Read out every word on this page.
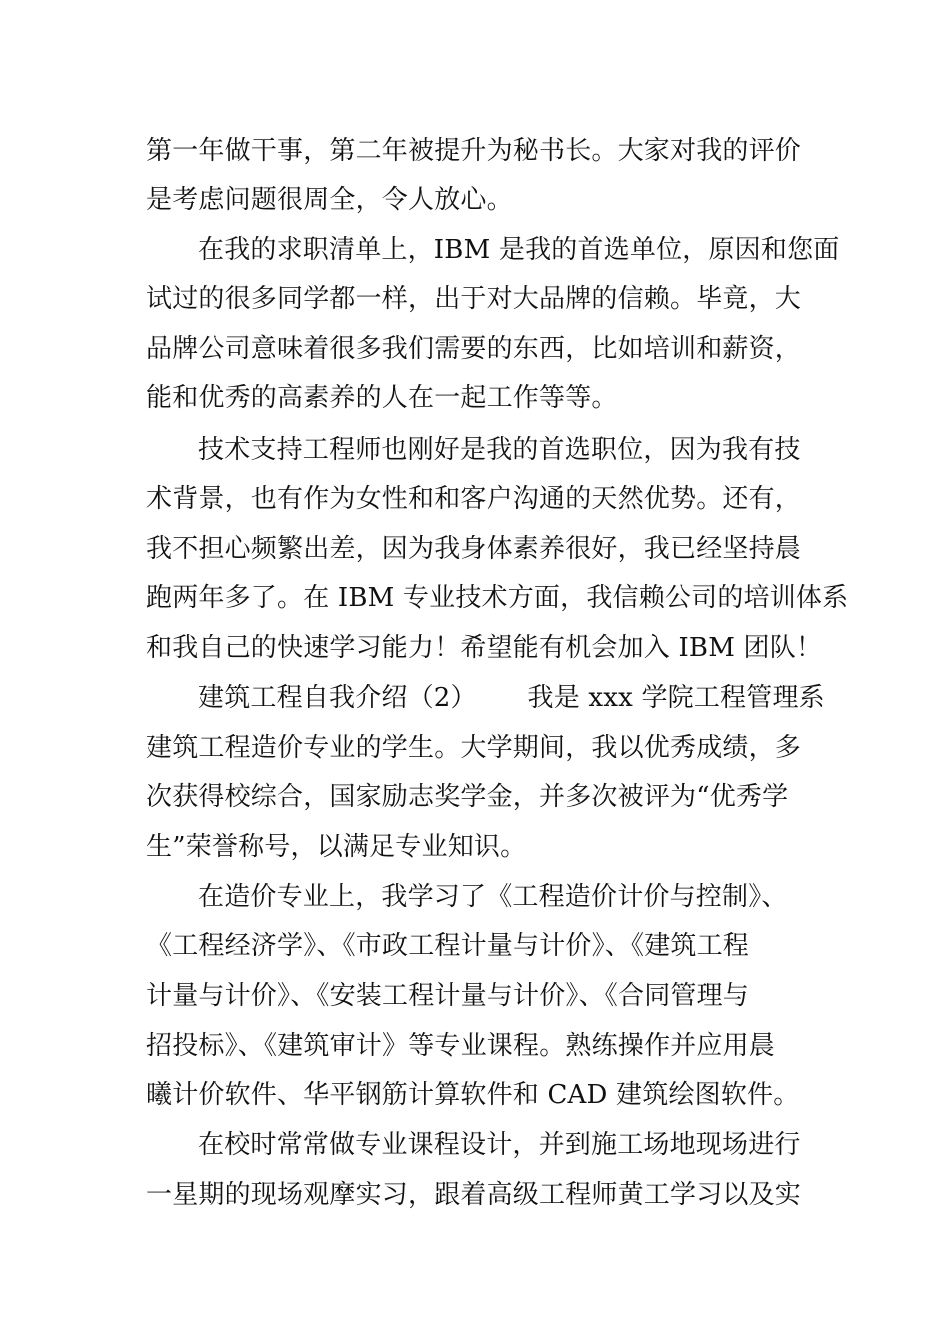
第一年做干事，第二年被提升为秘书长。大家对我的评价
是考虑问题很周全，令人放心。
在我的求职清单上，IBM 是我的首选单位，原因和您面
试过的很多同学都一样，出于对大品牌的信赖。毕竟，大
品牌公司意味着很多我们需要的东西，比如培训和薪资，
能和优秀的高素养的人在一起工作等等。
技术支持工程师也刚好是我的首选职位，因为我有技
术背景，也有作为女性和和客户沟通的天然优势。还有，
我不担心频繁出差，因为我身体素养很好，我已经坚持晨
跑两年多了。在 IBM 专业技术方面，我信赖公司的培训体系
和我自己的快速学习能力！希望能有机会加入 IBM 团队！
建筑工程自我介绍（2）      我是 xxx 学院工程管理系
建筑工程造价专业的学生。大学期间，我以优秀成绩，多
次获得校综合，国家励志奖学金，并多次被评为“优秀学
生”荣誉称号，以满足专业知识。
在造价专业上，我学习了《工程造价计价与控制》、
《工程经济学》、《市政工程计量与计价》、《建筑工程
计量与计价》、《安装工程计量与计价》、《合同管理与
招投标》、《建筑审计》等专业课程。熟练操作并应用晨
曦计价软件、华平钢筋计算软件和 CAD 建筑绘图软件。
在校时常常做专业课程设计，并到施工场地现场进行
一星期的现场观摩实习，跟着高级工程师黄工学习以及实
